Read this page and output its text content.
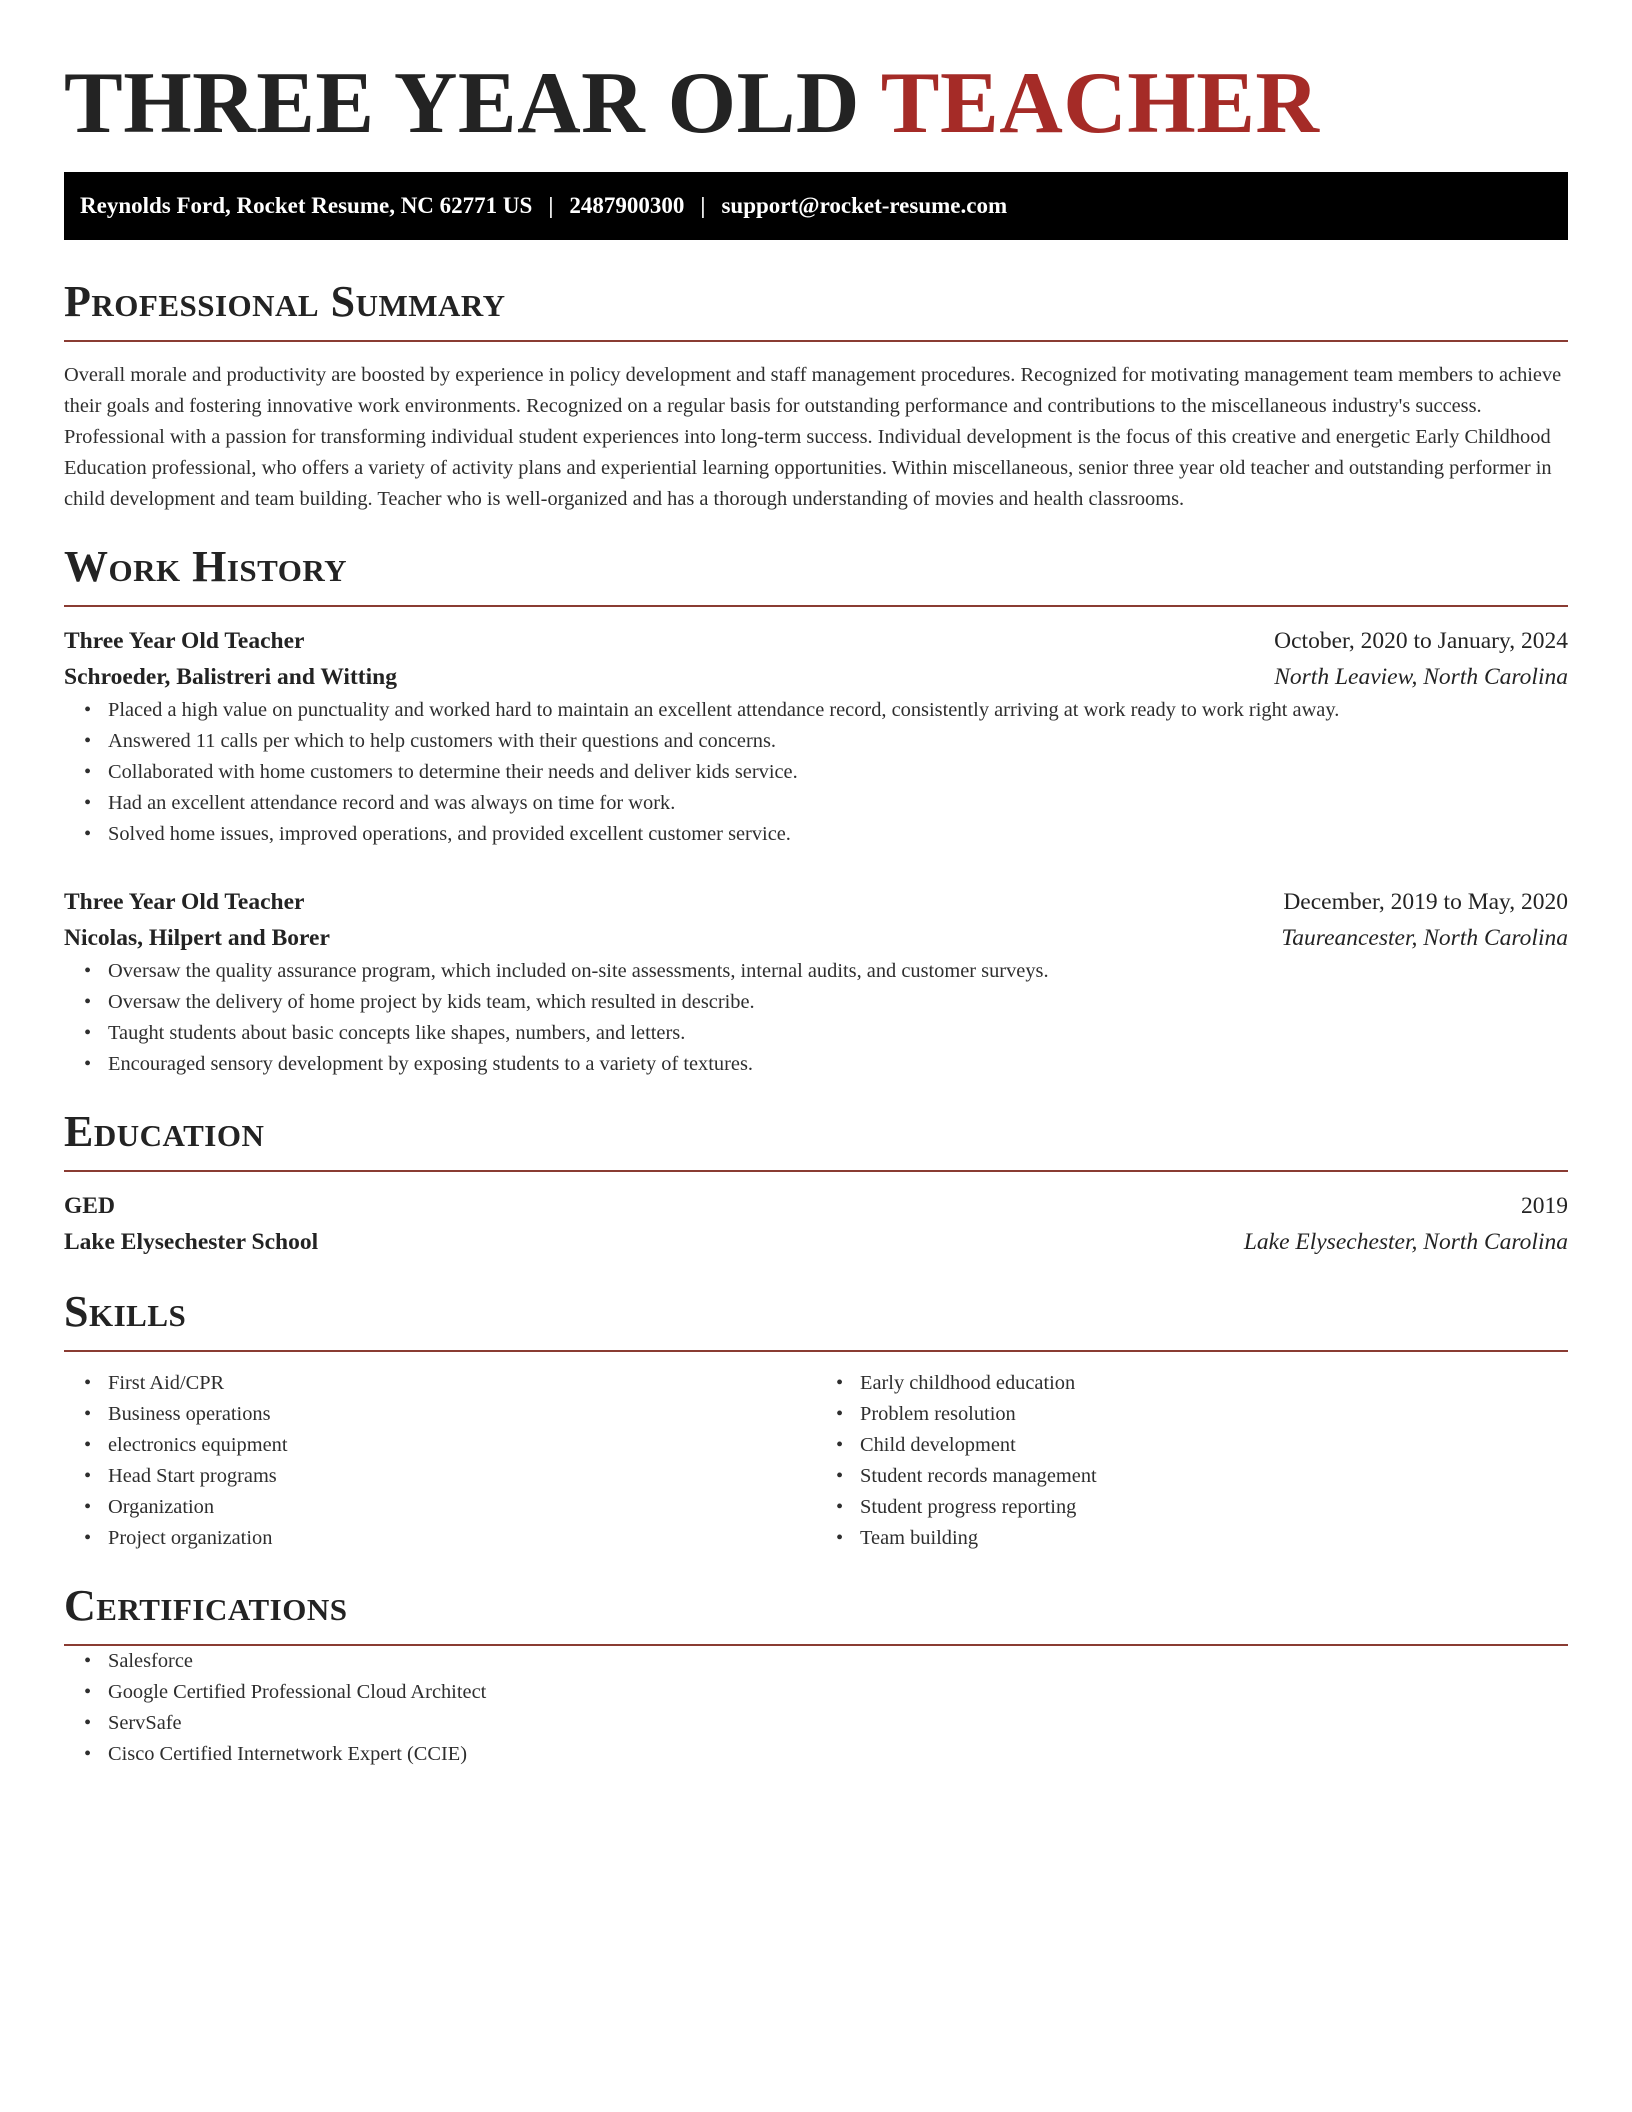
THREE YEAR OLD TEACHER
Reynolds Ford, Rocket Resume, NC 62771 US | 2487900300 | support@rocket-resume.com
Professional Summary

Overall morale and productivity are boosted by experience in policy development and staff management procedures. Recognized for motivating management team members to achieve their goals and fostering innovative work environments. Recognized on a regular basis for outstanding performance and contributions to the miscellaneous industry's success. Professional with a passion for transforming individual student experiences into long-term success. Individual development is the focus of this creative and energetic Early Childhood Education professional, who offers a variety of activity plans and experiential learning opportunities. Within miscellaneous, senior three year old teacher and outstanding performer in child development and team building. Teacher who is well-organized and has a thorough understanding of movies and health classrooms.

Work History
Three Year Old Teacher	October, 2020 to January, 2024
Schroeder, Balistreri and Witting	North Leaview, North Carolina
• Placed a high value on punctuality and worked hard to maintain an excellent attendance record, consistently arriving at work ready to work right away.
• Answered 11 calls per which to help customers with their questions and concerns.
• Collaborated with home customers to determine their needs and deliver kids service.
• Had an excellent attendance record and was always on time for work.
• Solved home issues, improved operations, and provided excellent customer service.
Three Year Old Teacher	December, 2019 to May, 2020
Nicolas, Hilpert and Borer	Taureancester, North Carolina
• Oversaw the quality assurance program, which included on-site assessments, internal audits, and customer surveys.
• Oversaw the delivery of home project by kids team, which resulted in describe.
• Taught students about basic concepts like shapes, numbers, and letters.
• Encouraged sensory development by exposing students to a variety of textures.
Education
GED	2019
Lake Elysechester School	Lake Elysechester, North Carolina
Skills
• First Aid/CPR
• Business operations
• electronics equipment
• Head Start programs
• Organization
• Project organization
• Early childhood education
• Problem resolution
• Child development
• Student records management
• Student progress reporting
• Team building
Certifications
• Salesforce
• Google Certified Professional Cloud Architect
• ServSafe
• Cisco Certified Internetwork Expert (CCIE)
